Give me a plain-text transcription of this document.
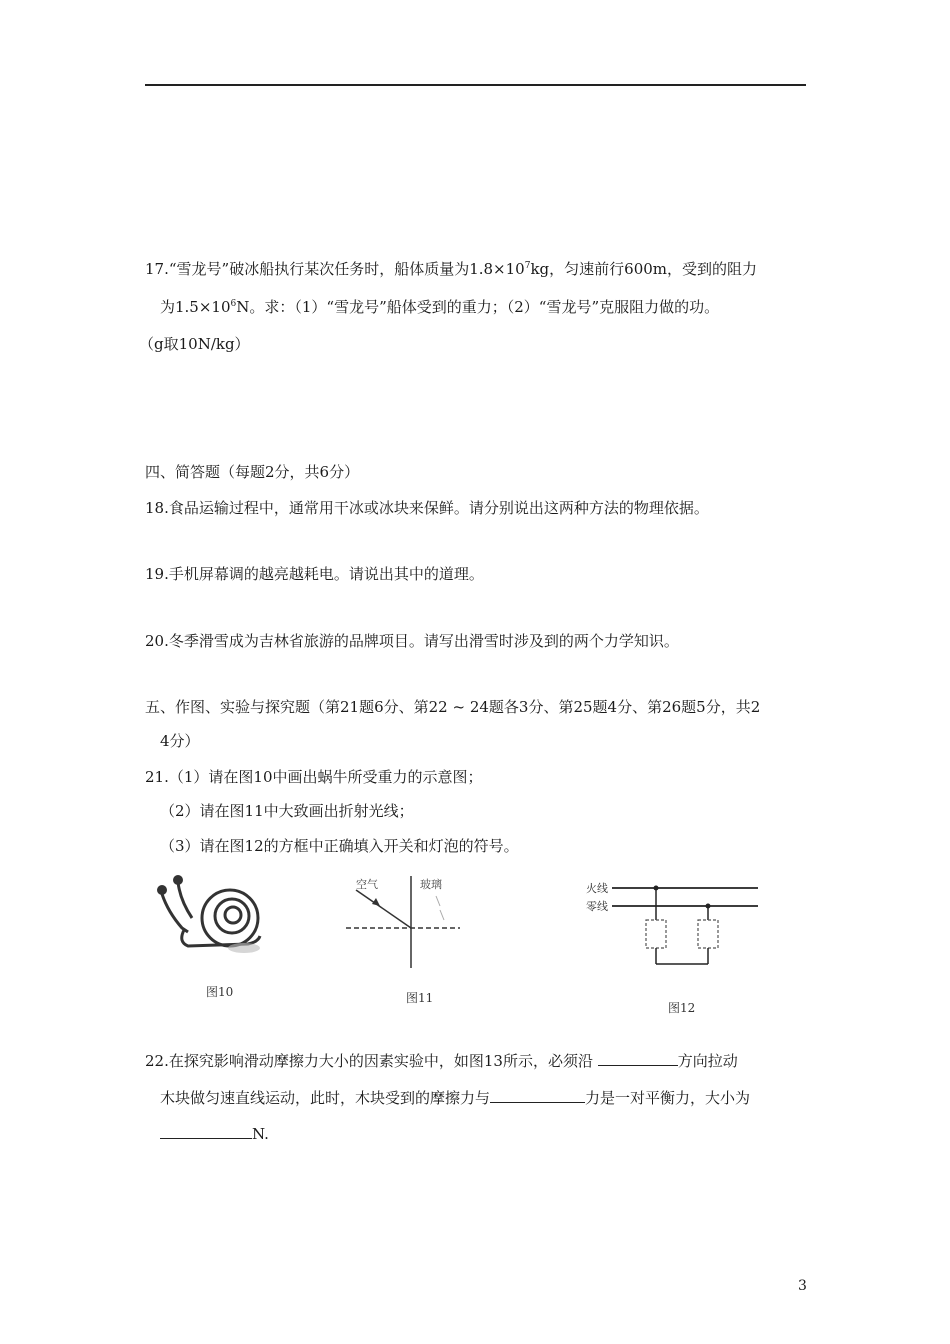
17.“雪龙号”破冰船执行某次任务时，船体质量为$1.8\times 10^7kg$，匀速前行600m，受到的阻力
为$1.5\times 10^6N$。求：（1）“雪龙号”船体受到的重力；（2）“雪龙号”克服阻力做的功。
（g取10N/kg）
四、简答题（每题2分，共6分）
18.食品运输过程中，通常用干冰或冰块来保鲜。请分别说出这两种方法的物理依据。
19.手机屏幕调的越亮越耗电。请说出其中的道理。
20.冬季滑雪成为吉林省旅游的品牌项目。请写出滑雪时涉及到的两个力学知识。
五、作图、实验与探究题（第21题6分、第22 ~ 24题各3分、第25题4分、第26题5分，共2
4分）
21.（1）请在图10中画出蜗牛所受重力的示意图；
（2）请在图11中大致画出折射光线；
（3）请在图12的方框中正确填入开关和灯泡的符号。
图10
空气	玻璃
图11
火线
零线
图12
22.在探究影响滑动摩擦力大小的因素实验中，如图13所示，必须沿	方向拉动
木块做匀速直线运动，此时，木块受到的摩擦力与	力是一对平衡力，大小为
N.
3
